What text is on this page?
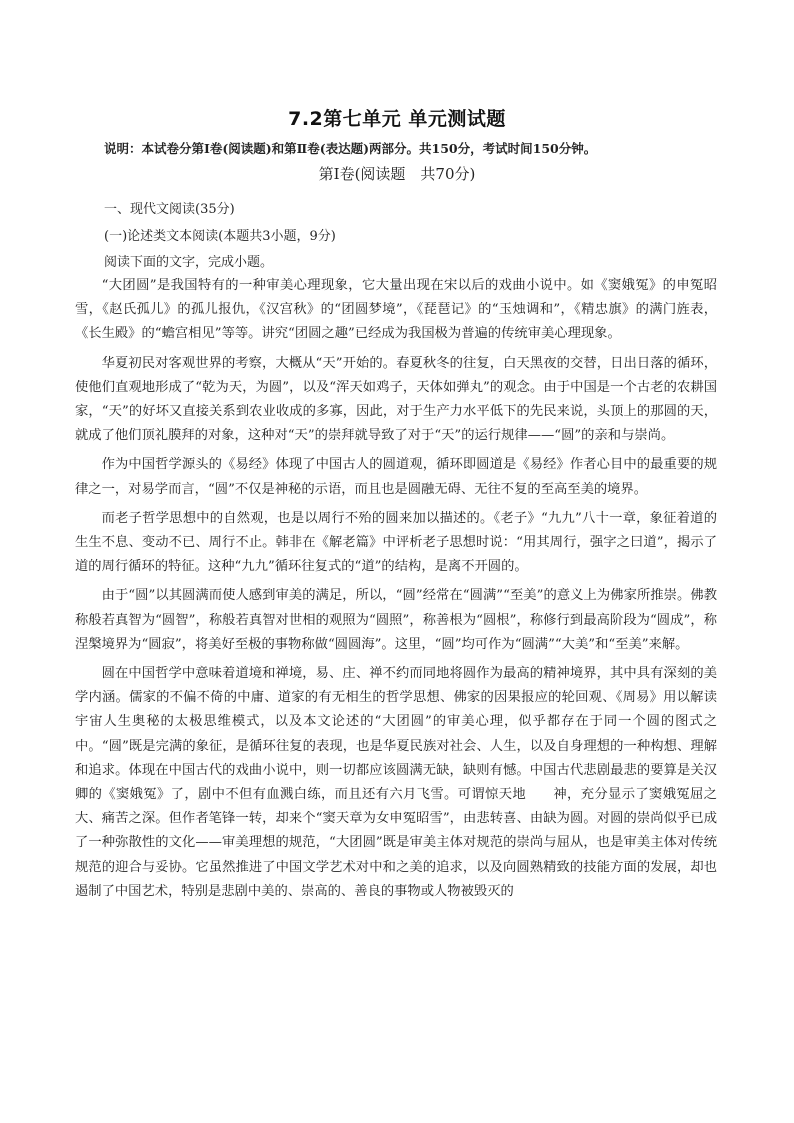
7.2第七单元 单元测试题
说明：本试卷分第Ⅰ卷(阅读题)和第Ⅱ卷(表达题)两部分。共150分，考试时间150分钟。
第Ⅰ卷(阅读题　共70分)
一、现代文阅读(35分)
(一)论述类文本阅读(本题共3小题，9分)
阅读下面的文字，完成小题。

“大团圆”是我国特有的一种审美心理现象，它大量出现在宋以后的戏曲小说中。如《窦娥冤》的申冤昭雪，《赵氏孤儿》的孤儿报仇，《汉宫秋》的“团圆梦境”，《琵琶记》的“玉烛调和”，《精忠旗》的满门旌表，《长生殿》的“蟾宫相见”等等。讲究“团圆之趣”已经成为我国极为普遍的传统审美心理现象。

华夏初民对客观世界的考察，大概从“天”开始的。春夏秋冬的往复，白天黑夜的交替，日出日落的循环，使他们直观地形成了“乾为天，为圆”，以及“浑天如鸡子，天体如弹丸”的观念。由于中国是一个古老的农耕国家，“天”的好坏又直接关系到农业收成的多寡，因此，对于生产力水平低下的先民来说，头顶上的那圆的天，就成了他们顶礼膜拜的对象，这种对“天”的崇拜就导致了对于“天”的运行规律——“圆”的亲和与崇尚。

作为中国哲学源头的《易经》体现了中国古人的圆道观，循环即圆道是《易经》作者心目中的最重要的规律之一，对易学而言，“圆”不仅是神秘的示语，而且也是圆融无碍、无往不复的至高至美的境界。

而老子哲学思想中的自然观，也是以周行不殆的圆来加以描述的。《老子》“九九”八十一章，象征着道的生生不息、变动不已、周行不止。韩非在《解老篇》中评析老子思想时说：“用其周行，强字之曰道”，揭示了道的周行循环的特征。这种“九九”循环往复式的“道”的结构，是离不开圆的。

由于“圆”以其圆满而使人感到审美的满足，所以，“圆”经常在“圆满”“至美”的意义上为佛家所推崇。佛教称般若真智为“圆智”，称般若真智对世相的观照为“圆照”，称善根为“圆根”，称修行到最高阶段为“圆成”，称涅槃境界为“圆寂”，将美好至极的事物称做“圆圆海”。这里，“圆”均可作为“圆满”“大美”和“至美”来解。

圆在中国哲学中意味着道境和禅境，易、庄、禅不约而同地将圆作为最高的精神境界，其中具有深刻的美学内涵。儒家的不偏不倚的中庸、道家的有无相生的哲学思想、佛家的因果报应的轮回观、《周易》用以解读宇宙人生奥秘的太极思维模式，以及本文论述的“大团圆”的审美心理，似乎都存在于同一个圆的图式之中。“圆”既是完满的象征，是循环往复的表现，也是华夏民族对社会、人生，以及自身理想的一种构想、理解和追求。体现在中国古代的戏曲小说中，则一切都应该圆满无缺，缺则有憾。中国古代悲剧最悲的要算是关汉卿的《窦娥冤》了，剧中不但有血溅白练，而且还有六月飞雪。可谓惊天地　　神，充分显示了窦娥冤屈之大、痛苦之深。但作者笔锋一转，却来个“窦天章为女申冤昭雪”，由悲转喜、由缺为圆。对圆的崇尚似乎已成了一种弥散性的文化——审美理想的规范，“大团圆”既是审美主体对规范的崇尚与屈从，也是审美主体对传统规范的迎合与妥协。它虽然推进了中国文学艺术对中和之美的追求，以及向圆熟精致的技能方面的发展，却也遏制了中国艺术，特别是悲剧中美的、崇高的、善良的事物或人物被毁灭的
